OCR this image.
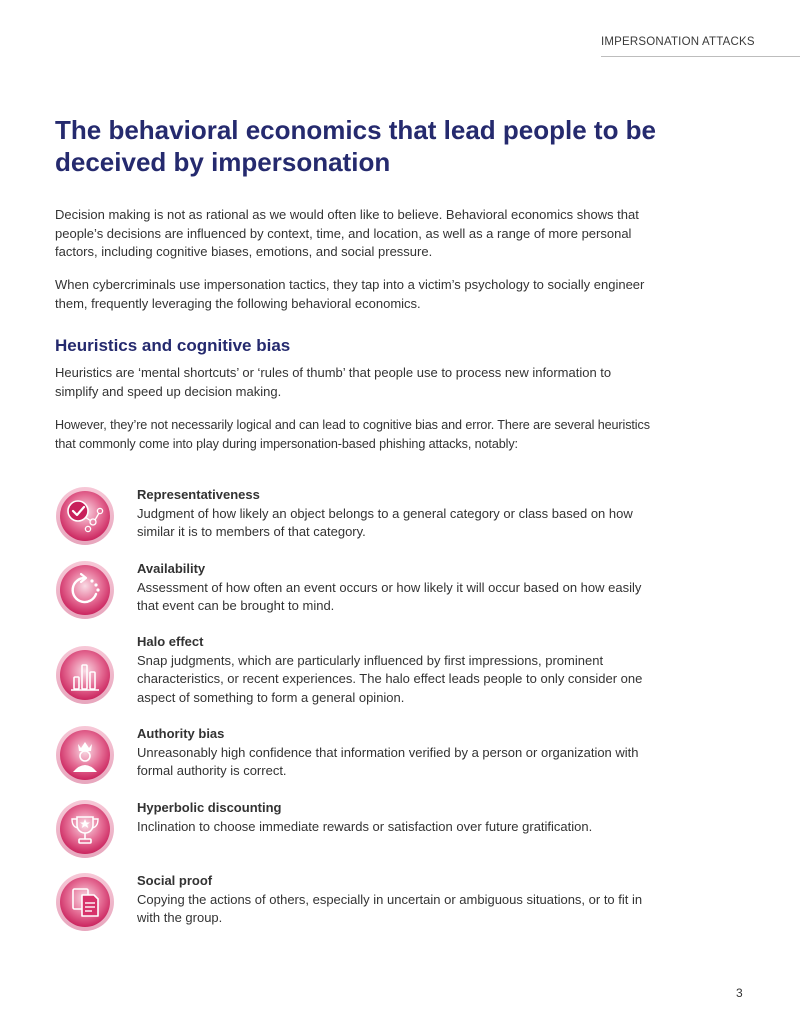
IMPERSONATION ATTACKS
The behavioral economics that lead people to be deceived by impersonation

Decision making is not as rational as we would often like to believe. Behavioral economics shows that people’s decisions are influenced by context, time, and location, as well as a range of more personal factors, including cognitive biases, emotions, and social pressure.

When cybercriminals use impersonation tactics, they tap into a victim’s psychology to socially engineer them, frequently leveraging the following behavioral economics.

Heuristics and cognitive bias

Heuristics are ‘mental shortcuts’ or ‘rules of thumb’ that people use to process new information to simplify and speed up decision making.

However, they’re not necessarily logical and can lead to cognitive bias and error. There are several heuristics that commonly come into play during impersonation-based phishing attacks, notably:

Representativeness
Judgment of how likely an object belongs to a general category or class based on how similar it is to members of that category.
Availability
Assessment of how often an event occurs or how likely it will occur based on how easily that event can be brought to mind.
Halo effect
Snap judgments, which are particularly influenced by first impressions, prominent characteristics, or recent experiences. The halo effect leads people to only consider one aspect of something to form a general opinion.
Authority bias
Unreasonably high confidence that information verified by a person or organization with formal authority is correct.
Hyperbolic discounting
Inclination to choose immediate rewards or satisfaction over future gratification.
Social proof
Copying the actions of others, especially in uncertain or ambiguous situations, or to fit in with the group.
3
